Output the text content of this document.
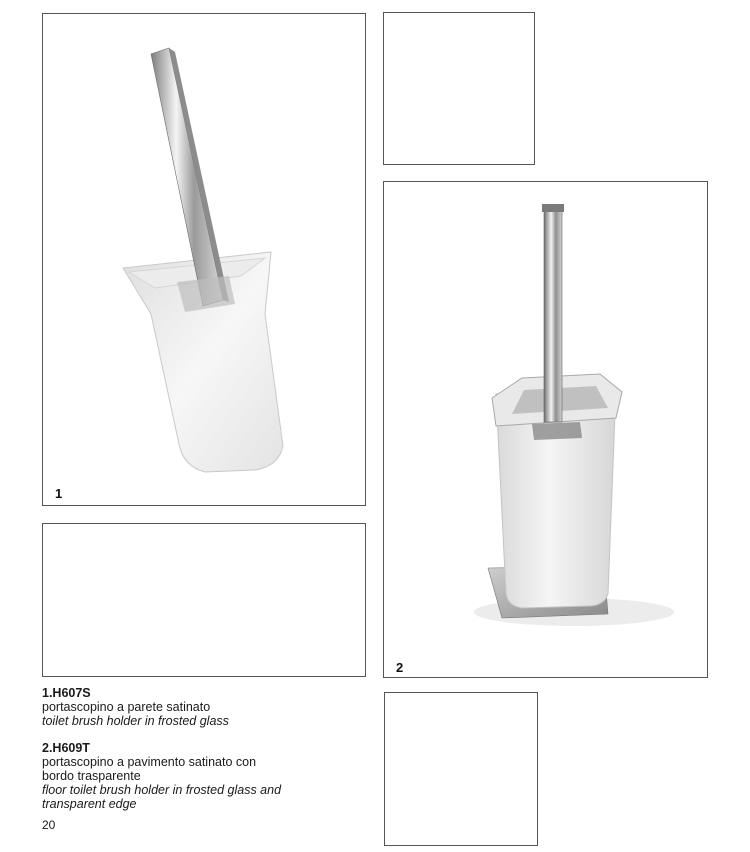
1
2
1.H607S
portascopino a parete satinato
toilet brush holder in frosted glass
2.H609T
portascopino a pavimento satinato con
bordo trasparente
floor toilet brush holder in frosted glass and
transparent edge
20
